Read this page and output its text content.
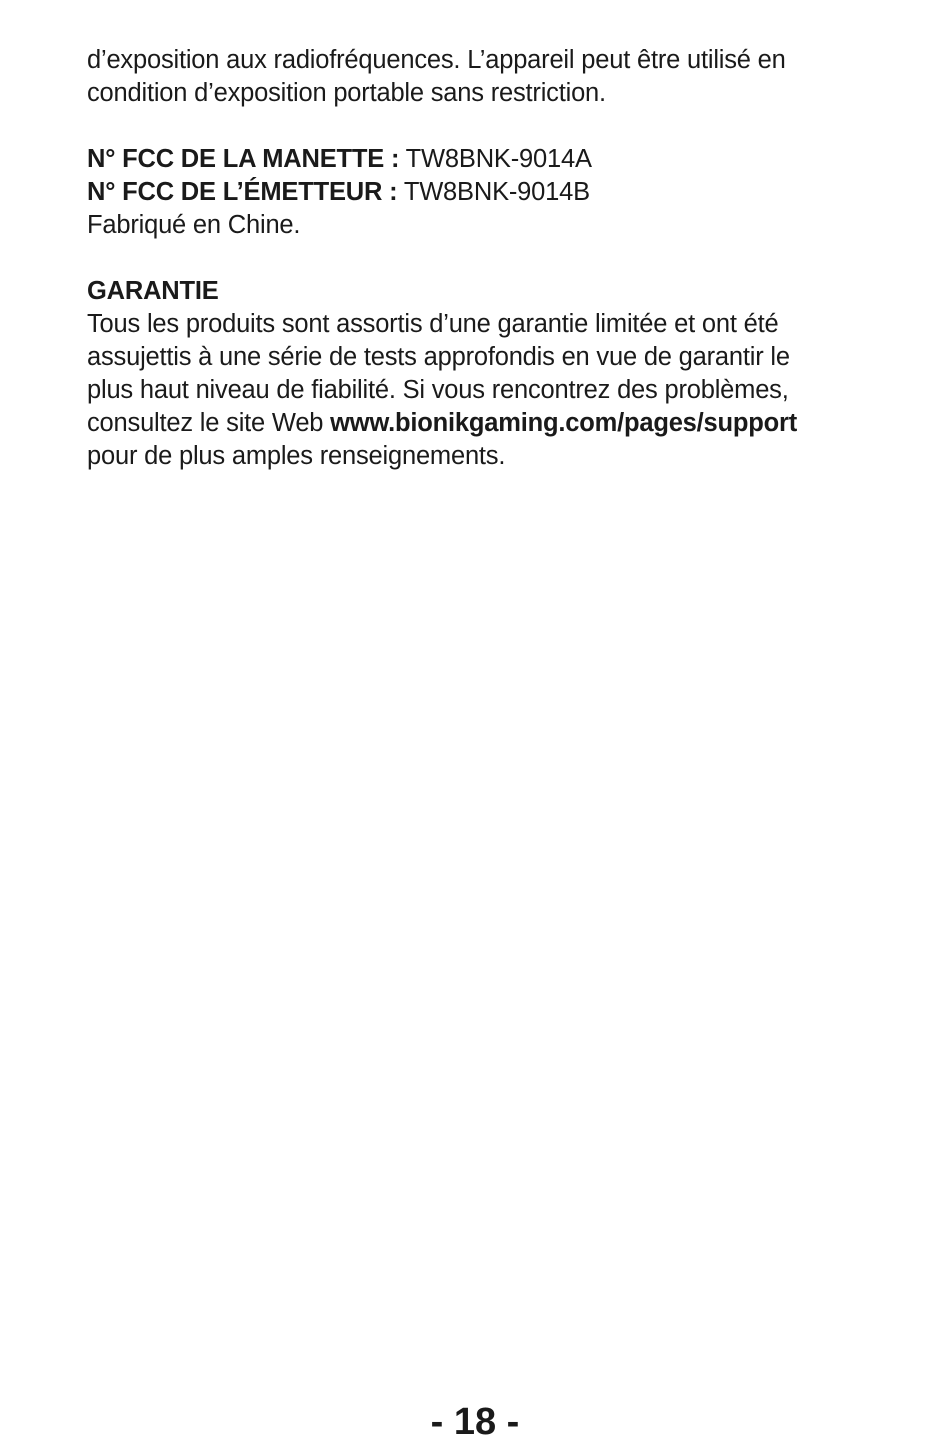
d’exposition aux radiofréquences. L’appareil peut être utilisé en
condition d’exposition portable sans restriction.

N° FCC DE LA MANETTE : TW8BNK-9014A
N° FCC DE L’ÉMETTEUR : TW8BNK-9014B
Fabriqué en Chine.

GARANTIE

Tous les produits sont assortis d’une garantie limitée et ont été
assujettis à une série de tests approfondis en vue de garantir le
plus haut niveau de fiabilité. Si vous rencontrez des problèmes,
consultez le site Web www.bionikgaming.com/pages/support
pour de plus amples renseignements.

- 18 -
